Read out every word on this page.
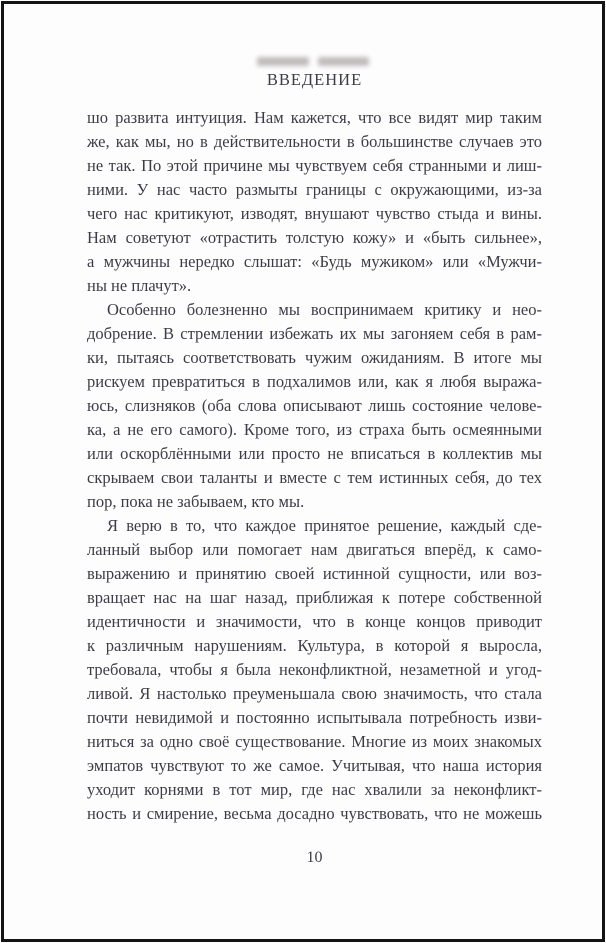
ВВЕДЕНИЕ
шо развита интуиция. Нам кажется, что все видят мир таким
же, как мы, но в действительности в большинстве случаев это
не так. По этой причине мы чувствуем себя странными и лиш-
ними. У нас часто размыты границы с окружающими, из-за
чего нас критикуют, изводят, внушают чувство стыда и вины.
Нам советуют «отрастить толстую кожу» и «быть сильнее»,
а мужчины нередко слышат: «Будь мужиком» или «Мужчи-
ны не плачут».
Особенно болезненно мы воспринимаем критику и нео-
добрение. В стремлении избежать их мы загоняем себя в рам-
ки, пытаясь соответствовать чужим ожиданиям. В итоге мы
рискуем превратиться в подхалимов или, как я любя выража-
юсь, слизняков (оба слова описывают лишь состояние челове-
ка, а не его самого). Кроме того, из страха быть осмеянными
или оскорблёнными или просто не вписаться в коллектив мы
скрываем свои таланты и вместе с тем истинных себя, до тех
пор, пока не забываем, кто мы.
Я верю в то, что каждое принятое решение, каждый сде-
ланный выбор или помогает нам двигаться вперёд, к само-
выражению и принятию своей истинной сущности, или воз-
вращает нас на шаг назад, приближая к потере собственной
идентичности и значимости, что в конце концов приводит
к различным нарушениям. Культура, в которой я выросла,
требовала, чтобы я была неконфликтной, незаметной и угод-
ливой. Я настолько преуменьшала свою значимость, что стала
почти невидимой и постоянно испытывала потребность изви-
ниться за одно своё существование. Многие из моих знакомых
эмпатов чувствуют то же самое. Учитывая, что наша история
уходит корнями в тот мир, где нас хвалили за неконфликт-
ность и смирение, весьма досадно чувствовать, что не можешь
10
